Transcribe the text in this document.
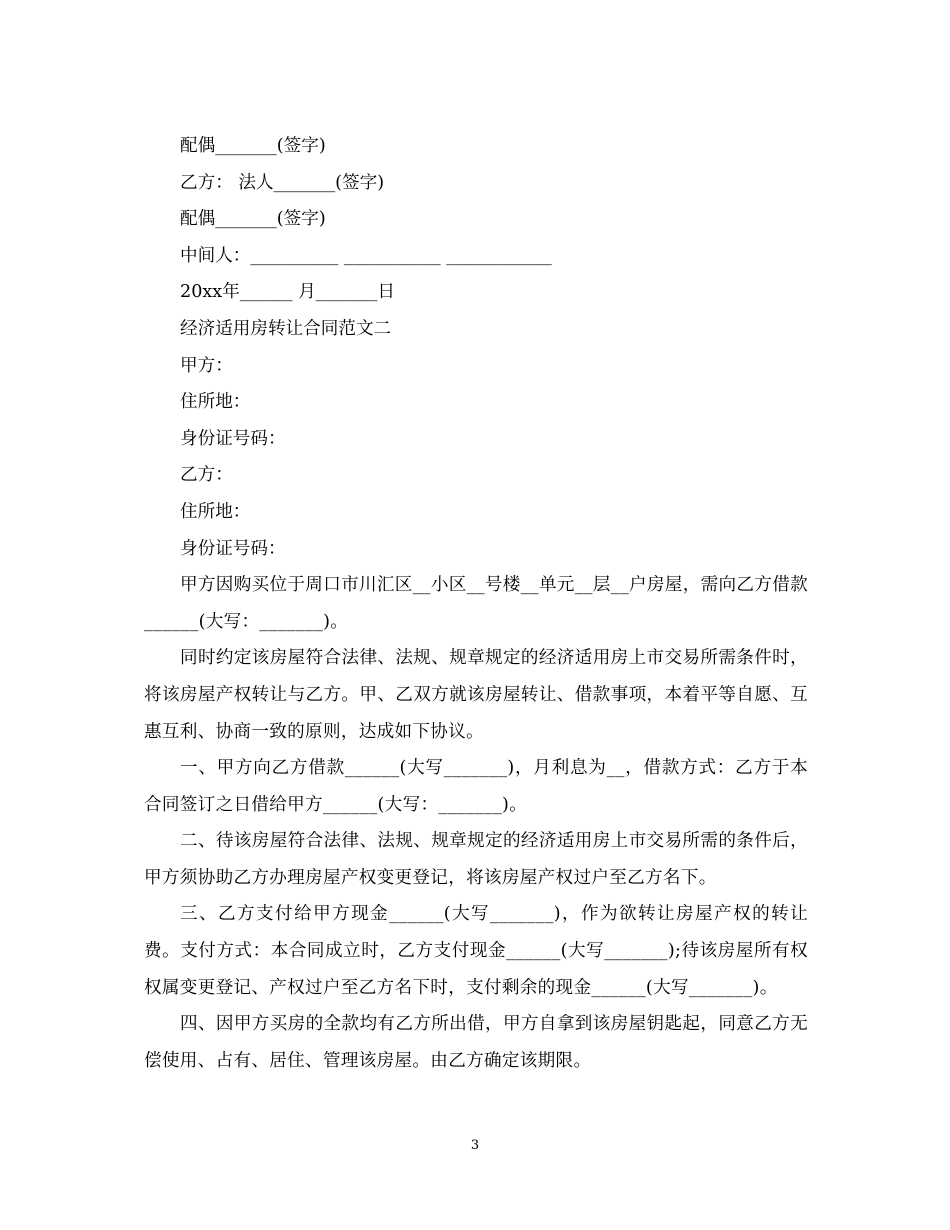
配偶_______(签字)
乙方： 法人_______(签字)
配偶_______(签字)
中间人：__________ ___________ ____________
20xx年______ 月_______日
经济适用房转让合同范文二
甲方：
住所地：
身份证号码：
乙方：
住所地：
身份证号码：
甲方因购买位于周口市川汇区__小区__号楼__单元__层__户房屋，需向乙方借款______(大写：_______)。
同时约定该房屋符合法律、法规、规章规定的经济适用房上市交易所需条件时，将该房屋产权转让与乙方。甲、乙双方就该房屋转让、借款事项，本着平等自愿、互惠互利、协商一致的原则，达成如下协议。
一、甲方向乙方借款______(大写_______)，月利息为__，借款方式：乙方于本合同签订之日借给甲方______(大写：_______)。
二、待该房屋符合法律、法规、规章规定的经济适用房上市交易所需的条件后，甲方须协助乙方办理房屋产权变更登记，将该房屋产权过户至乙方名下。
三、乙方支付给甲方现金______(大写_______)，作为欲转让房屋产权的转让费。支付方式：本合同成立时，乙方支付现金______(大写_______);待该房屋所有权权属变更登记、产权过户至乙方名下时，支付剩余的现金______(大写_______)。
四、因甲方买房的全款均有乙方所出借，甲方自拿到该房屋钥匙起，同意乙方无偿使用、占有、居住、管理该房屋。由乙方确定该期限。
3
